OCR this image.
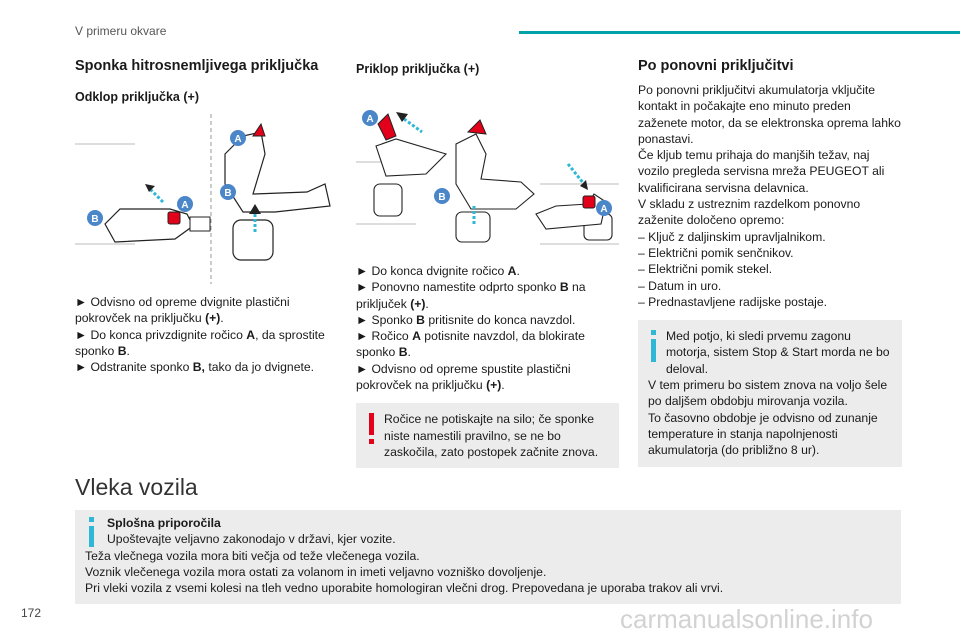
V primeru okvare
Sponka hitrosnemljivega priključka
Odklop priključka (+)
A
B
A
B

► Odvisno od opreme dvignite plastični pokrovček na priključku (+).

► Do konca privzdignite ročico A, da sprostite sponko B.

► Odstranite sponko B, tako da jo dvignete.

Priklop priključka (+)
A
B
A

► Do konca dvignite ročico A.

► Ponovno namestite odprto sponko B na priključek (+).

► Sponko B pritisnite do konca navzdol.

► Ročico A potisnite navzdol, da blokirate sponko B.

► Odvisno od opreme spustite plastični pokrovček na priključku (+).

Ročice ne potiskajte na silo; če sponke niste namestili pravilno, se ne bo zaskočila, zato postopek začnite znova.

Po ponovni priključitvi

Po ponovni priključitvi akumulatorja vključite kontakt in počakajte eno minuto preden zaženete motor, da se elektronska oprema lahko ponastavi.

Če kljub temu prihaja do manjših težav, naj vozilo pregleda servisna mreža PEUGEOT ali kvalificirana servisna delavnica.

V skladu z ustreznim razdelkom ponovno zaženite določeno opremo:

– Ključ z daljinskim upravljalnikom.

– Električni pomik senčnikov.

– Električni pomik stekel.

– Datum in uro.

– Prednastavljene radijske postaje.

Med potjo, ki sledi prvemu zagonu motorja, sistem Stop & Start morda ne bo deloval.

V tem primeru bo sistem znova na voljo šele po daljšem obdobju mirovanja vozila.

To časovno obdobje je odvisno od zunanje temperature in stanja napolnjenosti akumulatorja (do približno 8 ur).

Vleka vozila

Splošna priporočila

Upoštevajte veljavno zakonodajo v državi, kjer vozite.

Teža vlečnega vozila mora biti večja od teže vlečenega vozila.

Voznik vlečenega vozila mora ostati za volanom in imeti veljavno vozniško dovoljenje.

Pri vleki vozila z vsemi kolesi na tleh vedno uporabite homologiran vlečni drog. Prepovedana je uporaba trakov ali vrvi.

172	carmanualsonline.info
